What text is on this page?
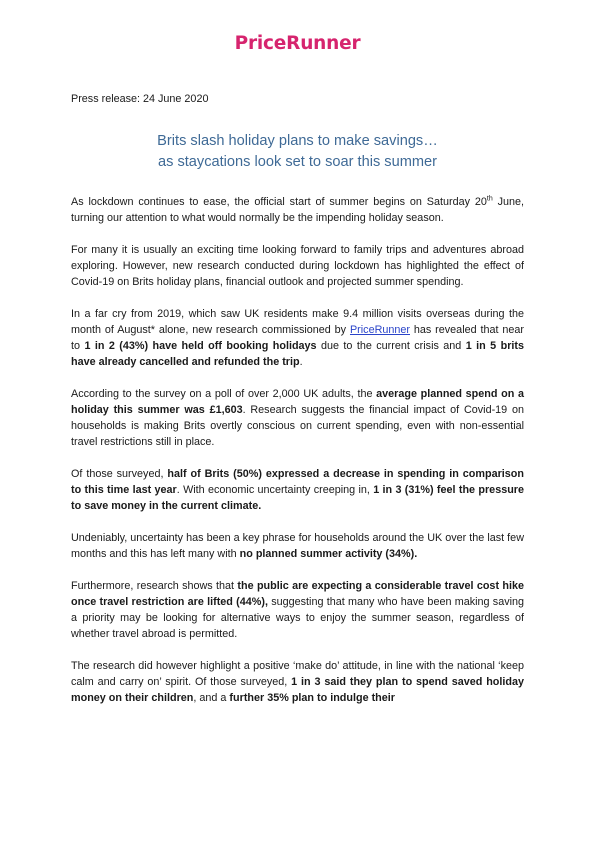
PriceRunner
Press release: 24 June 2020
Brits slash holiday plans to make savings…
as staycations look set to soar this summer

As lockdown continues to ease, the official start of summer begins on Saturday 20th June, turning our attention to what would normally be the impending holiday season.

For many it is usually an exciting time looking forward to family trips and adventures abroad exploring. However, new research conducted during lockdown has highlighted the effect of Covid-19 on Brits holiday plans, financial outlook and projected summer spending.

In a far cry from 2019, which saw UK residents make 9.4 million visits overseas during the month of August* alone, new research commissioned by PriceRunner has revealed that near to 1 in 2 (43%) have held off booking holidays due to the current crisis and 1 in 5 brits have already cancelled and refunded the trip.

According to the survey on a poll of over 2,000 UK adults, the average planned spend on a holiday this summer was £1,603. Research suggests the financial impact of Covid-19 on households is making Brits overtly conscious on current spending, even with non-essential travel restrictions still in place.

Of those surveyed, half of Brits (50%) expressed a decrease in spending in comparison to this time last year. With economic uncertainty creeping in, 1 in 3 (31%) feel the pressure to save money in the current climate.

Undeniably, uncertainty has been a key phrase for households around the UK over the last few months and this has left many with no planned summer activity (34%).

Furthermore, research shows that the public are expecting a considerable travel cost hike once travel restriction are lifted (44%), suggesting that many who have been making saving a priority may be looking for alternative ways to enjoy the summer season, regardless of whether travel abroad is permitted.

The research did however highlight a positive ‘make do’ attitude, in line with the national ‘keep calm and carry on’ spirit. Of those surveyed, 1 in 3 said they plan to spend saved holiday money on their children, and a further 35% plan to indulge their
